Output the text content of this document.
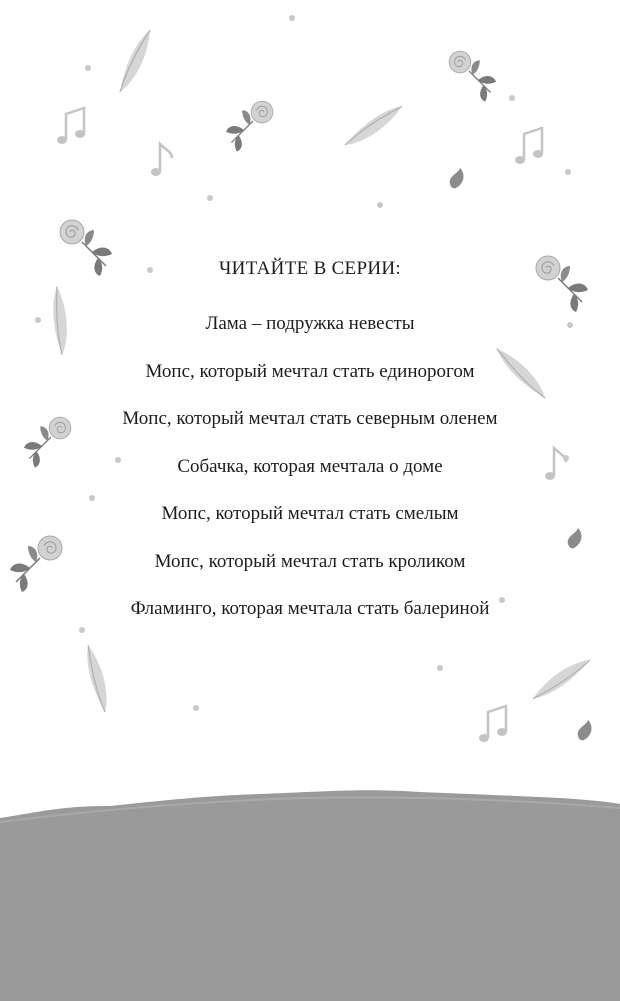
ЧИТАЙТЕ В СЕРИИ:
Лама – подружка невесты
Мопс, который мечтал стать единорогом
Мопс, который мечтал стать северным оленем
Собачка, которая мечтала о доме
Мопс, который мечтал стать смелым
Мопс, который мечтал стать кроликом
Фламинго, которая мечтала стать балериной
